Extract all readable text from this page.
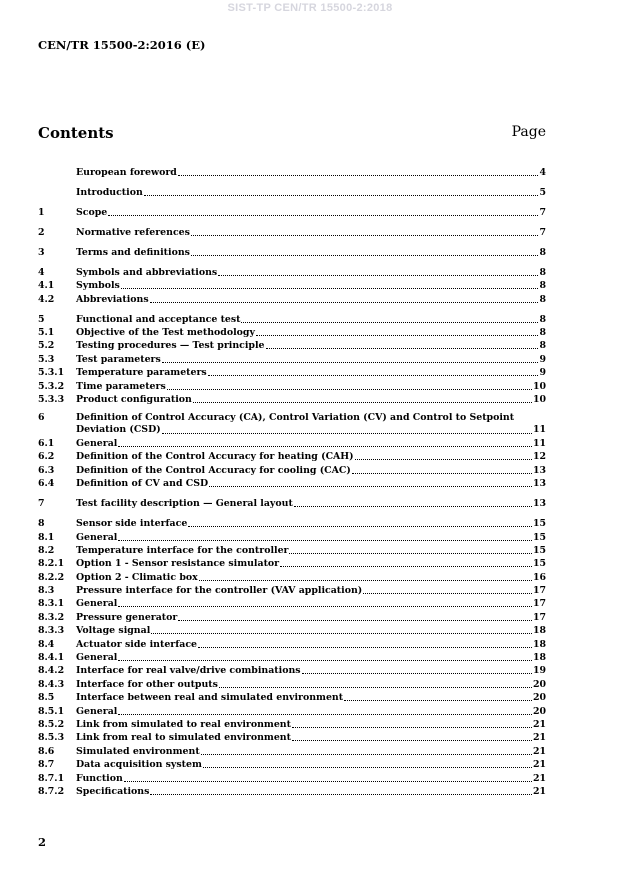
SIST-TP CEN/TR 15500-2:2018
CEN/TR 15500-2:2016 (E)
Contents	Page
European foreword	4
Introduction	5
1	Scope	7
2	Normative references	7
3	Terms and definitions	8
4	Symbols and abbreviations	8
4.1	Symbols	8
4.2	Abbreviations	8
5	Functional and acceptance test	8
5.1	Objective of the Test methodology	8
5.2	Testing procedures — Test principle	8
5.3	Test parameters	9
5.3.1	Temperature parameters	9
5.3.2	Time parameters	10
5.3.3	Product configuration	10
6	Definition of Control Accuracy (CA), Control Variation (CV) and Control to Setpoint
Deviation (CSD)	11
6.1	General	11
6.2	Definition of the Control Accuracy for heating (CAH)	12
6.3	Definition of the Control Accuracy for cooling (CAC)	13
6.4	Definition of CV and CSD	13
7	Test facility description — General layout	13
8	Sensor side interface	15
8.1	General	15
8.2	Temperature interface for the controller	15
8.2.1	Option 1 - Sensor resistance simulator	15
8.2.2	Option 2 - Climatic box	16
8.3	Pressure interface for the controller (VAV application)	17
8.3.1	General	17
8.3.2	Pressure generator	17
8.3.3	Voltage signal	18
8.4	Actuator side interface	18
8.4.1	General	18
8.4.2	Interface for real valve/drive combinations	19
8.4.3	Interface for other outputs	20
8.5	Interface between real and simulated environment	20
8.5.1	General	20
8.5.2	Link from simulated to real environment	21
8.5.3	Link from real to simulated environment	21
8.6	Simulated environment	21
8.7	Data acquisition system	21
8.7.1	Function	21
8.7.2	Specifications	21
2
